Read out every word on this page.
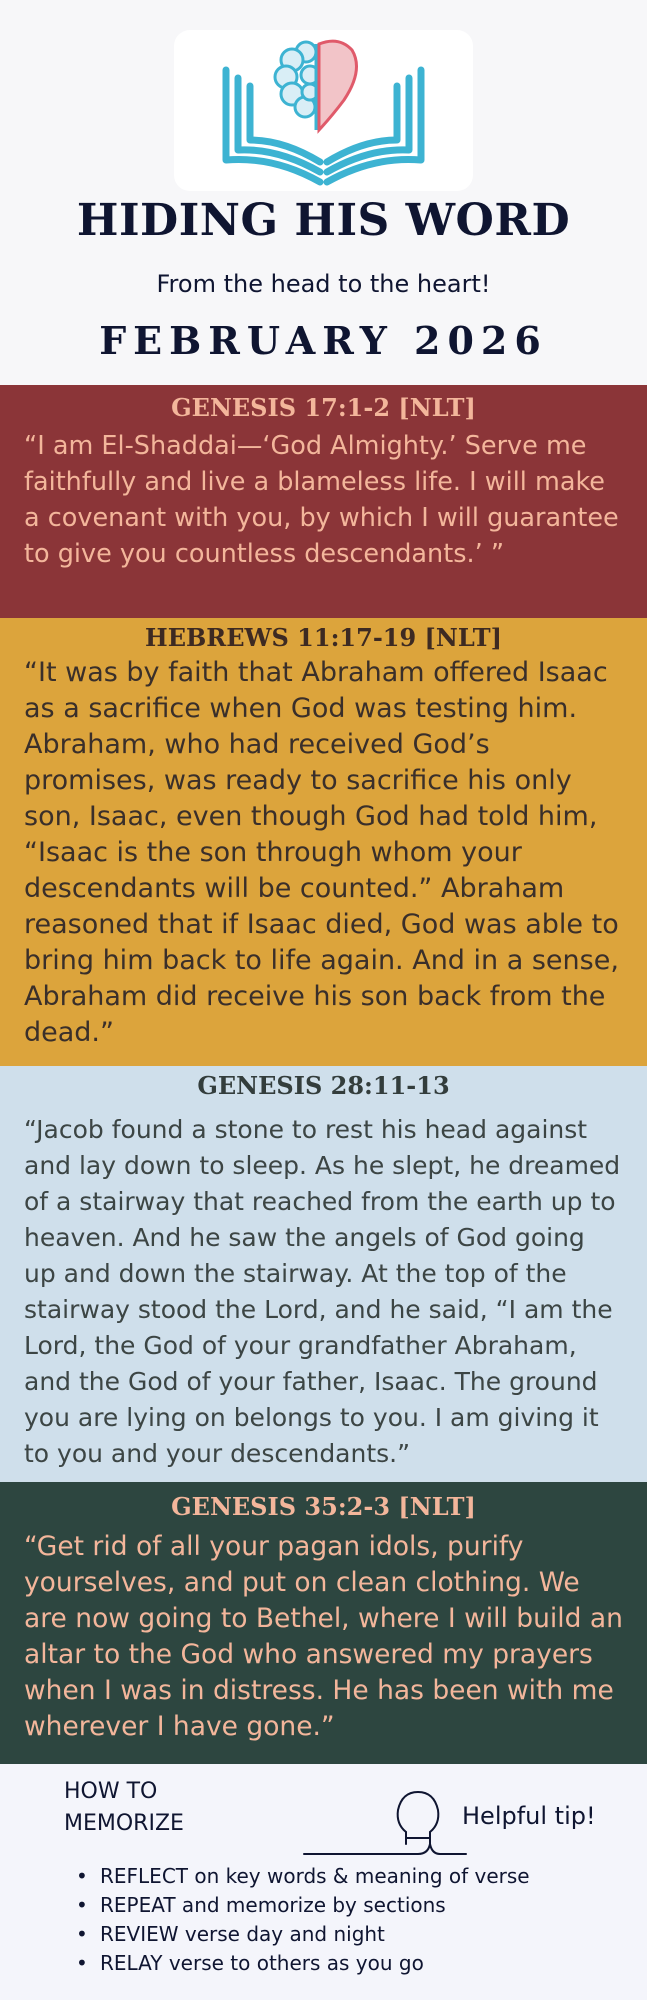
HIDING HIS WORD
From the head to the heart!
FEBRUARY 2026
GENESIS 17:1-2 [NLT]
“I am El-Shaddai—‘God Almighty.’ Serve me faithfully and live a blameless life. I will make a covenant with you, by which I will guarantee to give you countless descendants.’ ”
HEBREWS 11:17-19 [NLT]
“It was by faith that Abraham offered Isaac as a sacrifice when God was testing him. Abraham, who had received God’s promises, was ready to sacrifice his only son, Isaac, even though God had told him, “Isaac is the son through whom your descendants will be counted.” Abraham reasoned that if Isaac died, God was able to bring him back to life again. And in a sense, Abraham did receive his son back from the dead.”
GENESIS 28:11-13
“Jacob found a stone to rest his head against and lay down to sleep. As he slept, he dreamed of a stairway that reached from the earth up to heaven. And he saw the angels of God going up and down the stairway. At the top of the stairway stood the Lord, and he said, “I am the Lord, the God of your grandfather Abraham, and the God of your father, Isaac. The ground you are lying on belongs to you. I am giving it to you and your descendants.”
GENESIS 35:2-3 [NLT]
“Get rid of all your pagan idols, purify yourselves, and put on clean clothing. We are now going to Bethel, where I will build an altar to the God who answered my prayers when I was in distress. He has been with me wherever I have gone.”
HOW TO
MEMORIZE	Helpful tip!
• REFLECT on key words & meaning of verse
• REPEAT and memorize by sections
• REVIEW verse day and night
• RELAY verse to others as you go
